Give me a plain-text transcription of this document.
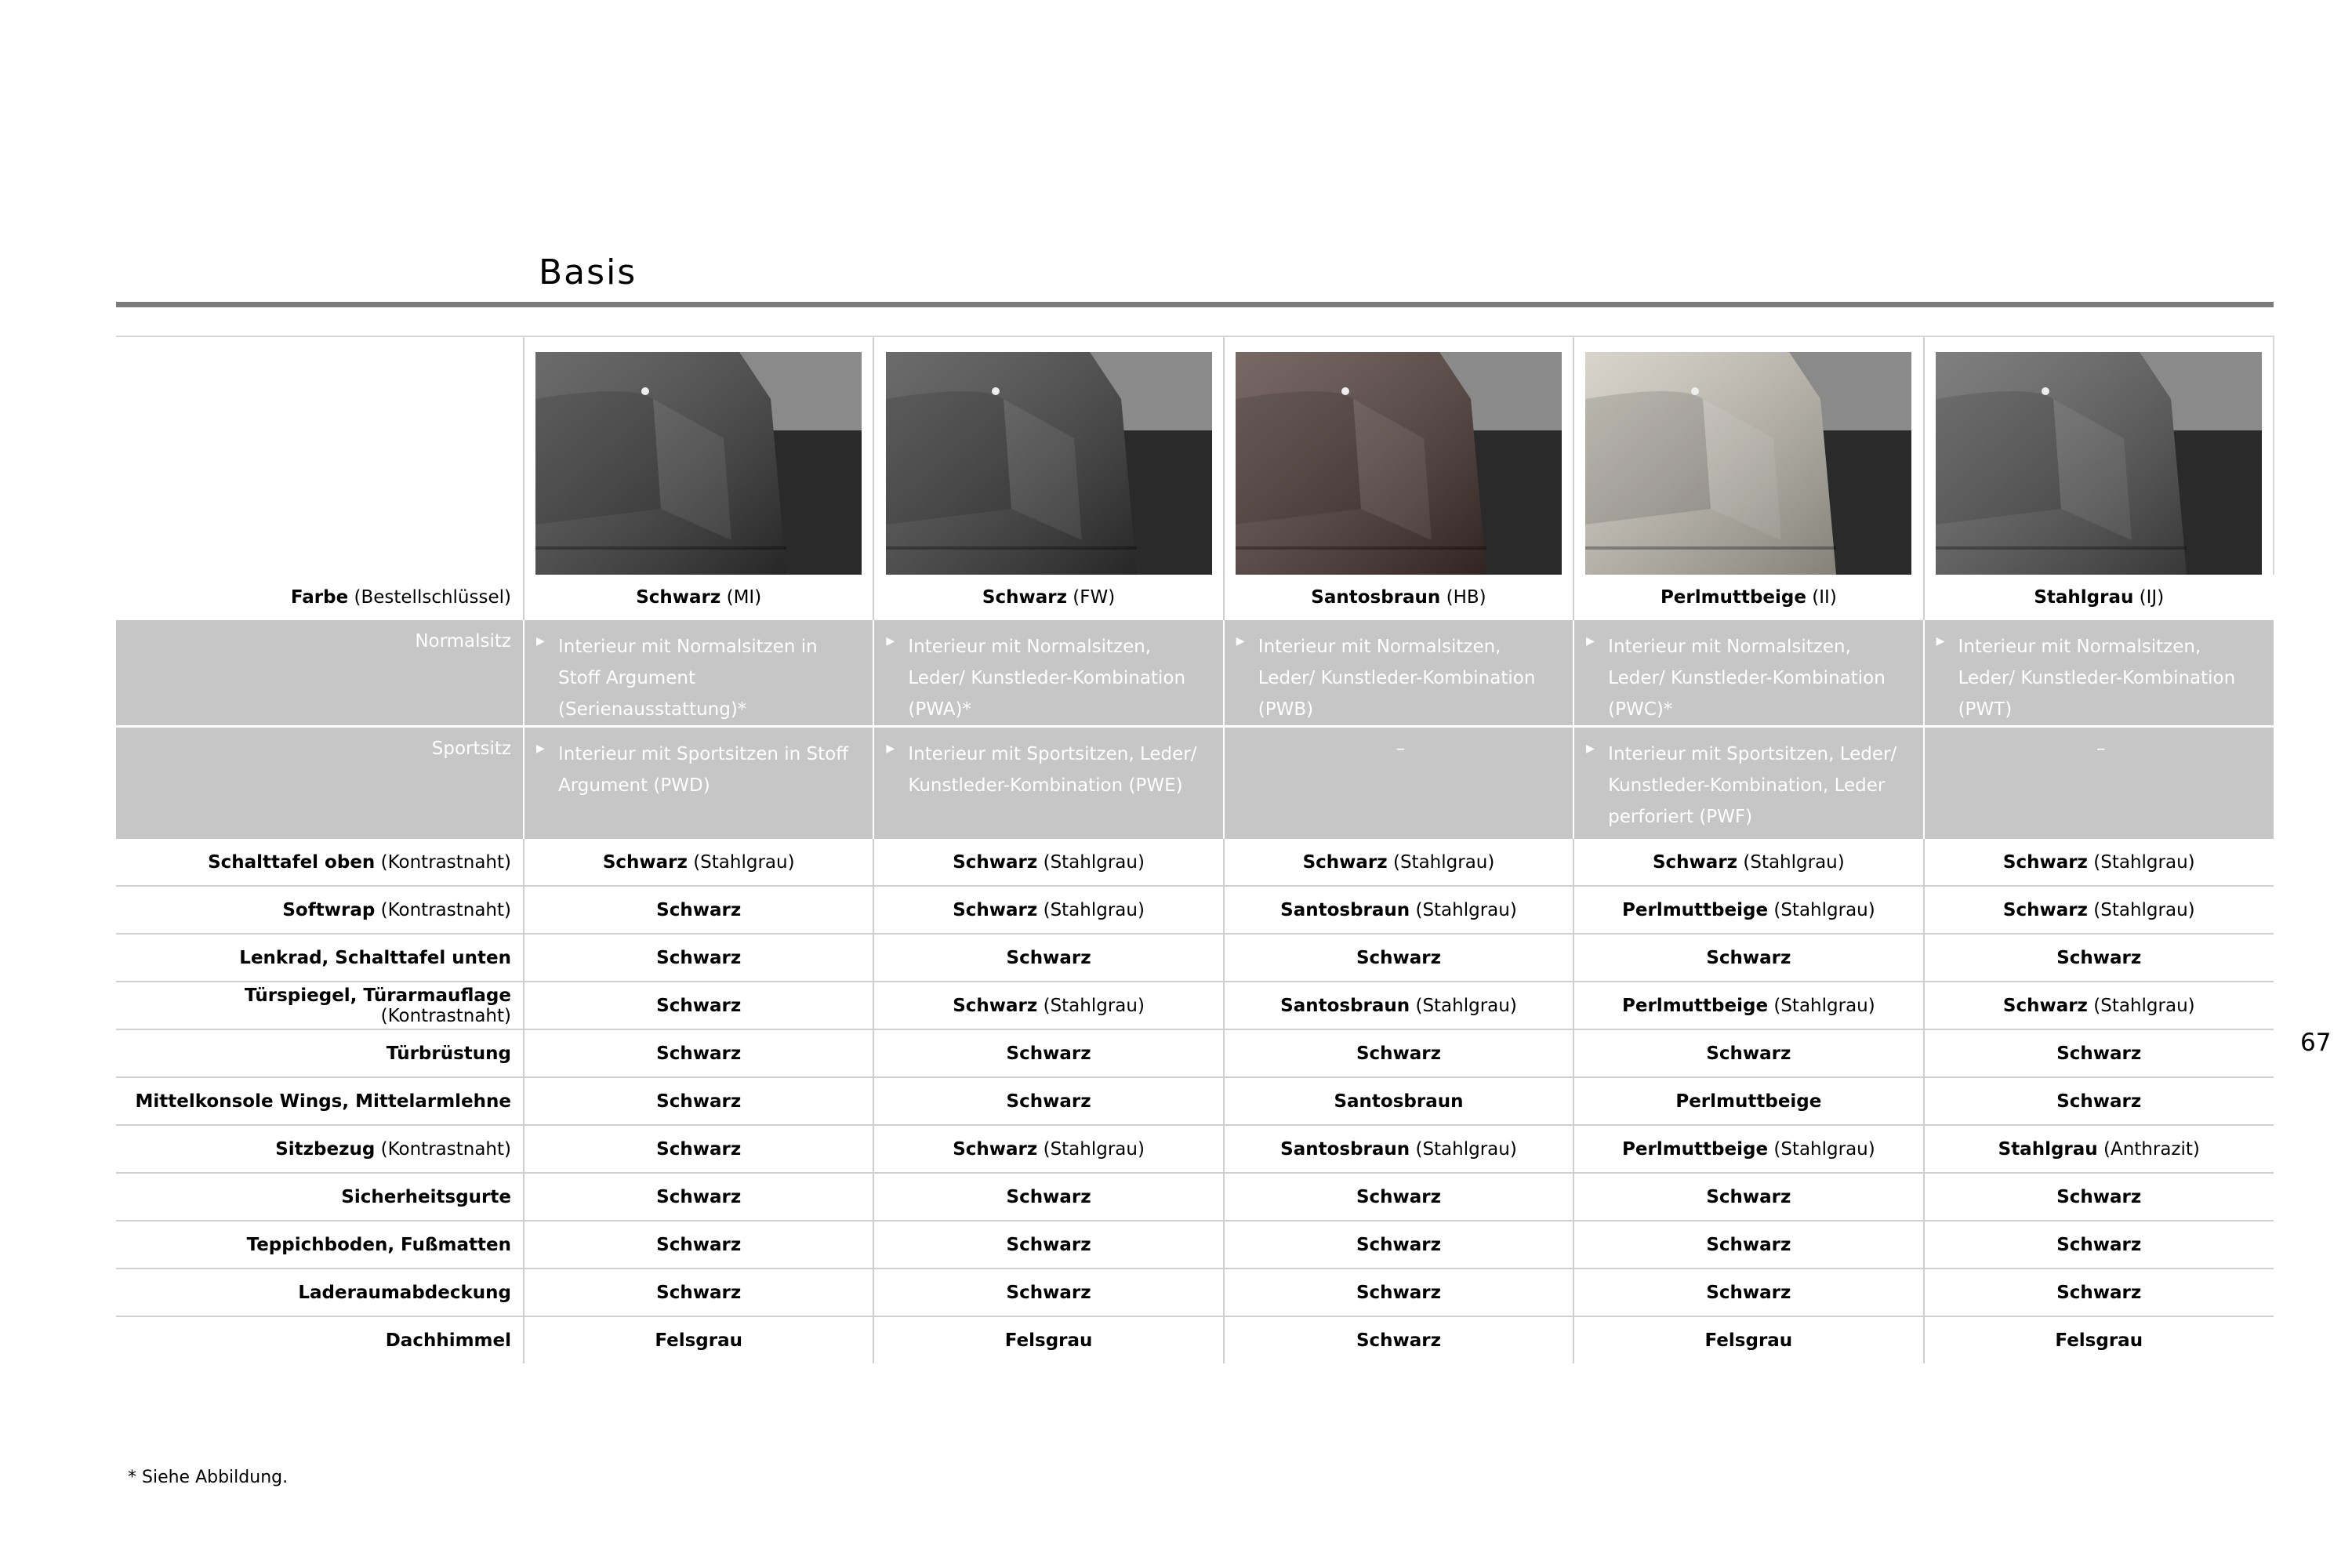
Basis

Farbe (Bestellschlüssel)	Schwarz (MI)	Schwarz (FW)	Santosbraun (HB)	Perlmuttbeige (II)	Stahlgrau (IJ)
Normalsitz	▶ Interieur mit Normalsitzen in Stoff Argument (Serienausstattung)*	▶ Interieur mit Normalsitzen, Leder/ Kunstleder-Kombination (PWA)*	▶ Interieur mit Normalsitzen, Leder/ Kunstleder-Kombination (PWB)	▶ Interieur mit Normalsitzen, Leder/ Kunstleder-Kombination (PWC)*	▶ Interieur mit Normalsitzen, Leder/ Kunstleder-Kombination (PWT)
Sportsitz	▶ Interieur mit Sportsitzen in Stoff Argument (PWD)	▶ Interieur mit Sportsitzen, Leder/ Kunstleder-Kombination (PWE)	–	▶ Interieur mit Sportsitzen, Leder/ Kunstleder-Kombination, Leder perforiert (PWF)	–
Schalttafel oben (Kontrastnaht)	Schwarz (Stahlgrau)	Schwarz (Stahlgrau)	Schwarz (Stahlgrau)	Schwarz (Stahlgrau)	Schwarz (Stahlgrau)
Softwrap (Kontrastnaht)	Schwarz	Schwarz (Stahlgrau)	Santosbraun (Stahlgrau)	Perlmuttbeige (Stahlgrau)	Schwarz (Stahlgrau)
Lenkrad, Schalttafel unten	Schwarz	Schwarz	Schwarz	Schwarz	Schwarz
Türspiegel, Türarmauflage (Kontrastnaht)	Schwarz	Schwarz (Stahlgrau)	Santosbraun (Stahlgrau)	Perlmuttbeige (Stahlgrau)	Schwarz (Stahlgrau)
Türbrüstung	Schwarz	Schwarz	Schwarz	Schwarz	Schwarz
Mittelkonsole Wings, Mittelarmlehne	Schwarz	Schwarz	Santosbraun	Perlmuttbeige	Schwarz
Sitzbezug (Kontrastnaht)	Schwarz	Schwarz (Stahlgrau)	Santosbraun (Stahlgrau)	Perlmuttbeige (Stahlgrau)	Stahlgrau (Anthrazit)
Sicherheitsgurte	Schwarz	Schwarz	Schwarz	Schwarz	Schwarz
Teppichboden, Fußmatten	Schwarz	Schwarz	Schwarz	Schwarz	Schwarz
Laderaumabdeckung	Schwarz	Schwarz	Schwarz	Schwarz	Schwarz
Dachhimmel	Felsgrau	Felsgrau	Schwarz	Felsgrau	Felsgrau
67
* Siehe Abbildung.
